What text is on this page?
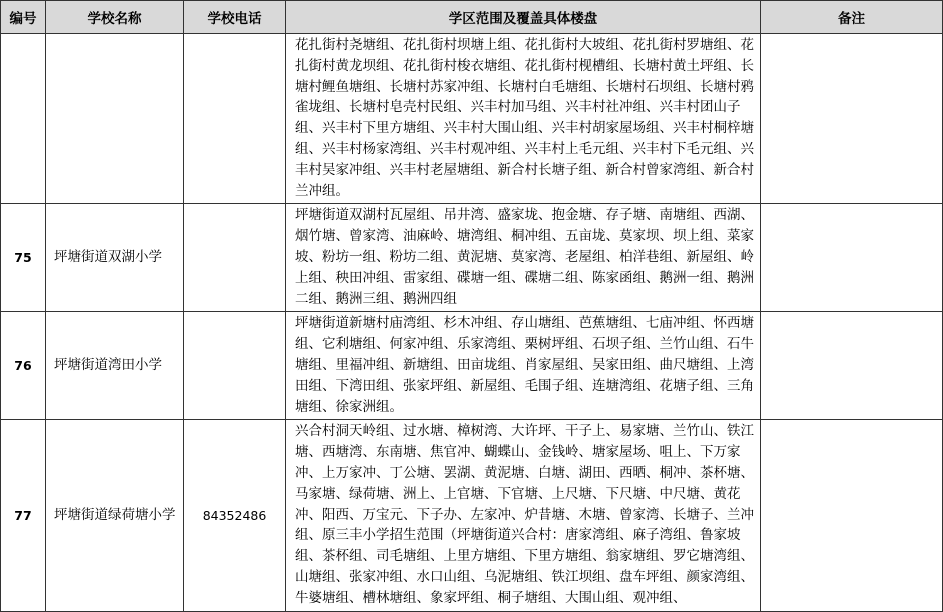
编号	学校名称	学校电话	学区范围及覆盖具体楼盘	备注
			花扎街村尧塘组、花扎街村坝塘上组、花扎街村大坡组、花扎街村罗塘组、花扎街村黄龙坝组、花扎街村梭衣塘组、花扎街村枧槽组、长塘村黄土坪组、长塘村鲤鱼塘组、长塘村苏家冲组、长塘村白毛塘组、长塘村石坝组、长塘村鸦雀垅组、长塘村皂壳村民组、兴丰村加马组、兴丰村社冲组、兴丰村团山子组、兴丰村下里方塘组、兴丰村大围山组、兴丰村胡家屋场组、兴丰村桐梓塘组、兴丰村杨家湾组、兴丰村观冲组、兴丰村上毛元组、兴丰村下毛元组、兴丰村吴家冲组、兴丰村老屋塘组、新合村长塘子组、新合村曾家湾组、新合村兰冲组。	
75	坪塘街道双湖小学		坪塘街道双湖村瓦屋组、吊井湾、盛家垅、抱金塘、存子塘、南塘组、西湖、烟竹塘、曾家湾、油麻岭、塘湾组、桐冲组、五亩垅、莫家坝、坝上组、菜家坡、粉坊一组、粉坊二组、黄泥塘、莫家湾、老屋组、柏洋巷组、新屋组、岭上组、秧田冲组、雷家组、碟塘一组、碟塘二组、陈家函组、鹅洲一组、鹅洲二组、鹅洲三组、鹅洲四组	
76	坪塘街道湾田小学		坪塘街道新塘村庙湾组、杉木冲组、存山塘组、芭蕉塘组、七庙冲组、怀西塘组、它利塘组、何家冲组、乐家湾组、栗树坪组、石坝子组、兰竹山组、石牛塘组、里福冲组、新塘组、田亩垅组、肖家屋组、吴家田组、曲尺塘组、上湾田组、下湾田组、张家坪组、新屋组、毛围子组、连塘湾组、花塘子组、三角塘组、徐家洲组。	
77	坪塘街道绿荷塘小学	84352486	兴合村洞天岭组、过水塘、樟树湾、大许坪、干子上、易家塘、兰竹山、铁江塘、西塘湾、东南塘、焦官冲、蝴蝶山、金钱岭、塘家屋场、咀上、下万家冲、上万家冲、丁公塘、罢湖、黄泥塘、白塘、湖田、西晒、桐冲、茶杯塘、马家塘、绿荷塘、洲上、上官塘、下官塘、上尺塘、下尺塘、中尺塘、黄花冲、阳西、万宝元、下子办、左家冲、炉昔塘、木塘、曾家湾、长塘子、兰冲组、原三丰小学招生范围（坪塘街道兴合村：唐家湾组、麻子湾组、鲁家坡组、茶杯组、司毛塘组、上里方塘组、下里方塘组、翁家塘组、罗它塘湾组、山塘组、张家冲组、水口山组、乌泥塘组、铁江坝组、盘车坪组、颜家湾组、牛婆塘组、槽林塘组、象家坪组、桐子塘组、大围山组、观冲组、	
